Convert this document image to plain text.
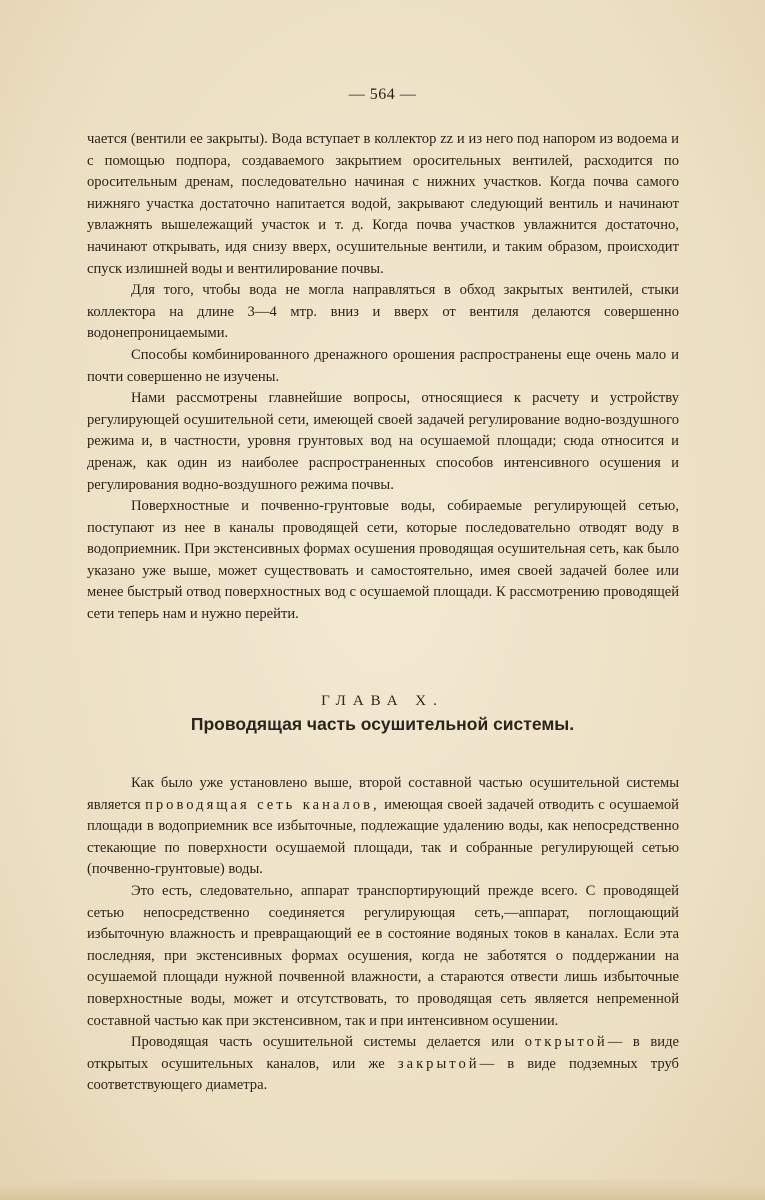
— 564 —

чается (вентили ее закрыты). Вода вступает в коллектор zz и из него под напором из водоема и с помощью подпора, создаваемого закрытием оросительных вентилей, расходится по оросительным дренам, последовательно начиная с нижних участков. Когда почва самого нижняго участка достаточно напитается водой, закрывают следующий вентиль и начинают увлажнять вышележащий участок и т. д. Когда почва участков увлажнится достаточно, начинают открывать, идя снизу вверх, осушительные вентили, и таким образом, происходит спуск излишней воды и вентилирование почвы.

Для того, чтобы вода не могла направляться в обход закрытых вентилей, стыки коллектора на длине 3—4 мтр. вниз и вверх от вентиля делаются совершенно водонепроницаемыми.

Способы комбинированного дренажного орошения распространены еще очень мало и почти совершенно не изучены.

Нами рассмотрены главнейшие вопросы, относящиеся к расчету и устройству регулирующей осушительной сети, имеющей своей задачей регулирование водно-воздушного режима и, в частности, уровня грунтовых вод на осушаемой площади; сюда относится и дренаж, как один из наиболее распространенных способов интенсивного осушения и регулирования водно-воздушного режима почвы.

Поверхностные и почвенно-грунтовые воды, собираемые регулирующей сетью, поступают из нее в каналы проводящей сети, которые последовательно отводят воду в водоприемник. При экстенсивных формах осушения проводящая осушительная сеть, как было указано уже выше, может существовать и самостоятельно, имея своей задачей более или менее быстрый отвод поверхностных вод с осушаемой площади. К рассмотрению проводящей сети теперь нам и нужно перейти.

ГЛАВА X.
Проводящая часть осушительной системы.

Как было уже установлено выше, второй составной частью осушительной системы является проводящая сеть каналов, имеющая своей задачей отводить с осушаемой площади в водоприемник все избыточные, подлежащие удалению воды, как непосредственно стекающие по поверхности осушаемой площади, так и собранные регулирующей сетью (почвенно-грунтовые) воды.

Это есть, следовательно, аппарат транспортирующий прежде всего. С проводящей сетью непосредственно соединяется регулирующая сеть,—аппарат, поглощающий избыточную влажность и превращающий ее в состояние водяных токов в каналах. Если эта последняя, при экстенсивных формах осушения, когда не заботятся о поддержании на осушаемой площади нужной почвенной влажности, а стараются отвести лишь избыточные поверхностные воды, может и отсутствовать, то проводящая сеть является непременной составной частью как при экстенсивном, так и при интенсивном осушении.

Проводящая часть осушительной системы делается или открытой— в виде открытых осушительных каналов, или же закрытой— в виде подземных труб соответствующего диаметра.
